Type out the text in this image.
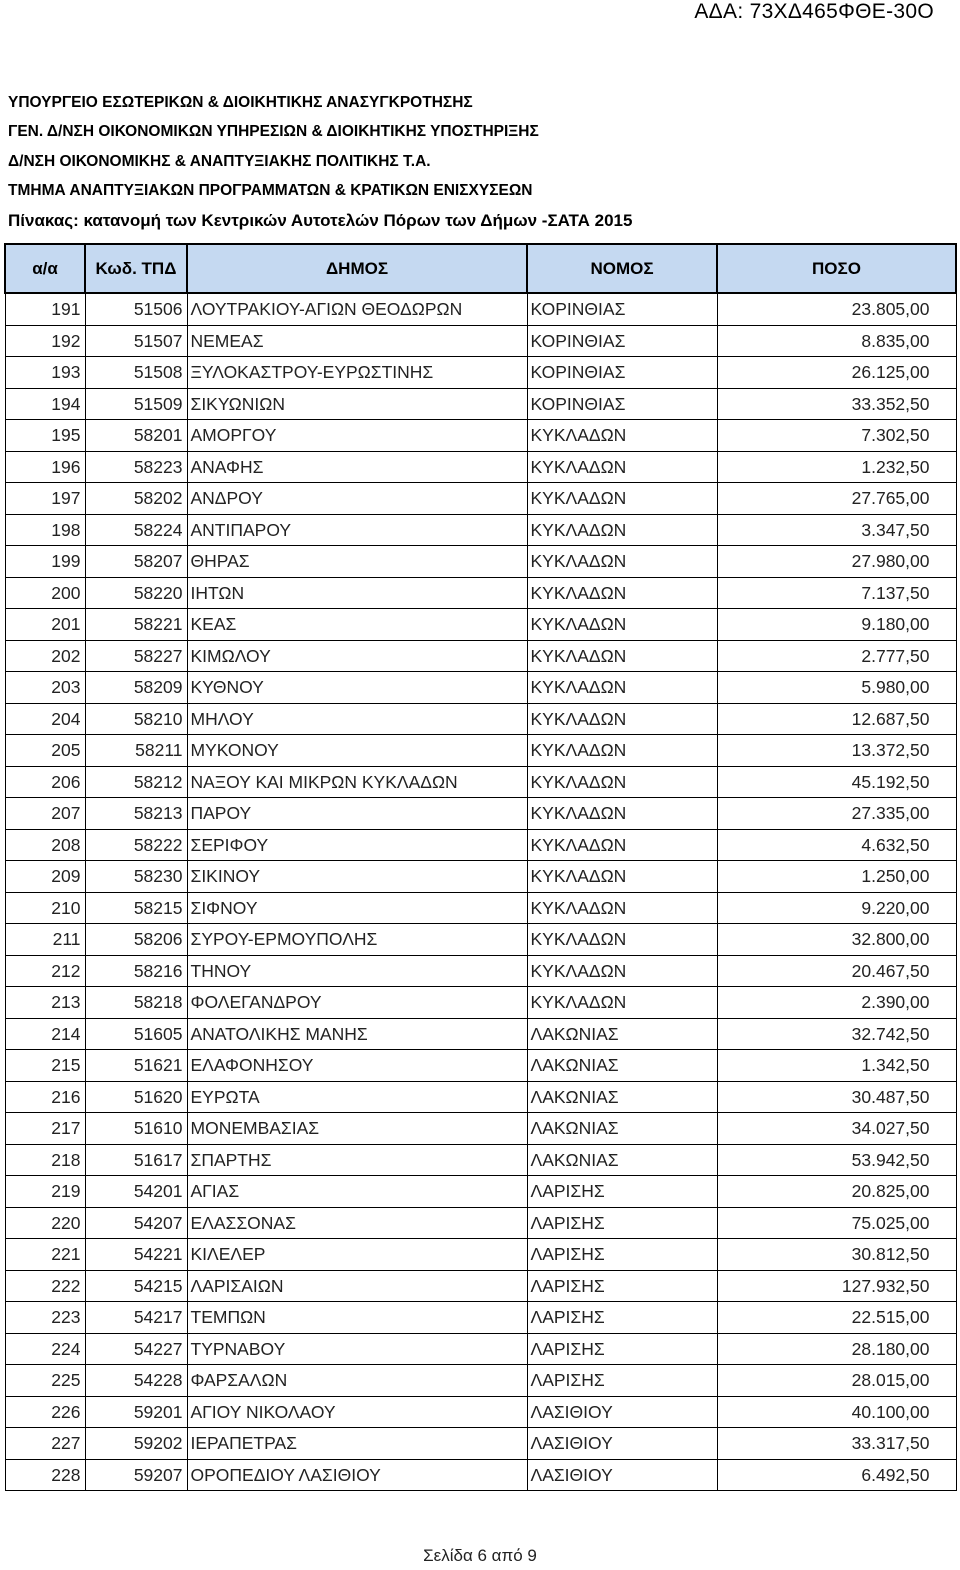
ΑΔΑ: 73ΧΔ465ΦΘΕ-30Ο
ΥΠΟΥΡΓΕΙΟ ΕΣΩΤΕΡΙΚΩΝ & ΔΙΟΙΚΗΤΙΚΗΣ ΑΝΑΣΥΓΚΡΟΤΗΣΗΣ
ΓΕΝ. Δ/ΝΣΗ ΟΙΚΟΝΟΜΙΚΩΝ ΥΠΗΡΕΣΙΩΝ & ΔΙΟΙΚΗΤΙΚΗΣ ΥΠΟΣΤΗΡΙΞΗΣ
Δ/ΝΣΗ ΟΙΚΟΝΟΜΙΚΗΣ & ΑΝΑΠΤΥΞΙΑΚΗΣ ΠΟΛΙΤΙΚΗΣ Τ.Α.
ΤΜΗΜΑ ΑΝΑΠΤΥΞΙΑΚΩΝ ΠΡΟΓΡΑΜΜΑΤΩΝ & ΚΡΑΤΙΚΩΝ ΕΝΙΣΧΥΣΕΩΝ
Πίνακας: κατανομή των Κεντρικών Αυτοτελών Πόρων των Δήμων -ΣΑΤΑ 2015
α/α	Κωδ. ΤΠΔ	ΔΗΜΟΣ	ΝΟΜΟΣ	ΠΟΣΟ
191	51506	ΛΟΥΤΡΑΚΙΟΥ-ΑΓΙΩΝ ΘΕΟΔΩΡΩΝ	ΚΟΡΙΝΘΙΑΣ	23.805,00
192	51507	ΝΕΜΕΑΣ	ΚΟΡΙΝΘΙΑΣ	8.835,00
193	51508	ΞΥΛΟΚΑΣΤΡΟΥ-ΕΥΡΩΣΤΙΝΗΣ	ΚΟΡΙΝΘΙΑΣ	26.125,00
194	51509	ΣΙΚΥΩΝΙΩΝ	ΚΟΡΙΝΘΙΑΣ	33.352,50
195	58201	ΑΜΟΡΓΟΥ	ΚΥΚΛΑΔΩΝ	7.302,50
196	58223	ΑΝΑΦΗΣ	ΚΥΚΛΑΔΩΝ	1.232,50
197	58202	ΑΝΔΡΟΥ	ΚΥΚΛΑΔΩΝ	27.765,00
198	58224	ΑΝΤΙΠΑΡΟΥ	ΚΥΚΛΑΔΩΝ	3.347,50
199	58207	ΘΗΡΑΣ	ΚΥΚΛΑΔΩΝ	27.980,00
200	58220	ΙΗΤΩΝ	ΚΥΚΛΑΔΩΝ	7.137,50
201	58221	ΚΕΑΣ	ΚΥΚΛΑΔΩΝ	9.180,00
202	58227	ΚΙΜΩΛΟΥ	ΚΥΚΛΑΔΩΝ	2.777,50
203	58209	ΚΥΘΝΟΥ	ΚΥΚΛΑΔΩΝ	5.980,00
204	58210	ΜΗΛΟΥ	ΚΥΚΛΑΔΩΝ	12.687,50
205	58211	ΜΥΚΟΝΟΥ	ΚΥΚΛΑΔΩΝ	13.372,50
206	58212	ΝΑΞΟΥ ΚΑΙ ΜΙΚΡΩΝ ΚΥΚΛΑΔΩΝ	ΚΥΚΛΑΔΩΝ	45.192,50
207	58213	ΠΑΡΟΥ	ΚΥΚΛΑΔΩΝ	27.335,00
208	58222	ΣΕΡΙΦΟΥ	ΚΥΚΛΑΔΩΝ	4.632,50
209	58230	ΣΙΚΙΝΟΥ	ΚΥΚΛΑΔΩΝ	1.250,00
210	58215	ΣΙΦΝΟΥ	ΚΥΚΛΑΔΩΝ	9.220,00
211	58206	ΣΥΡΟΥ-ΕΡΜΟΥΠΟΛΗΣ	ΚΥΚΛΑΔΩΝ	32.800,00
212	58216	ΤΗΝΟΥ	ΚΥΚΛΑΔΩΝ	20.467,50
213	58218	ΦΟΛΕΓΑΝΔΡΟΥ	ΚΥΚΛΑΔΩΝ	2.390,00
214	51605	ΑΝΑΤΟΛΙΚΗΣ ΜΑΝΗΣ	ΛΑΚΩΝΙΑΣ	32.742,50
215	51621	ΕΛΑΦΟΝΗΣΟΥ	ΛΑΚΩΝΙΑΣ	1.342,50
216	51620	ΕΥΡΩΤΑ	ΛΑΚΩΝΙΑΣ	30.487,50
217	51610	ΜΟΝΕΜΒΑΣΙΑΣ	ΛΑΚΩΝΙΑΣ	34.027,50
218	51617	ΣΠΑΡΤΗΣ	ΛΑΚΩΝΙΑΣ	53.942,50
219	54201	ΑΓΙΑΣ	ΛΑΡΙΣΗΣ	20.825,00
220	54207	ΕΛΑΣΣΟΝΑΣ	ΛΑΡΙΣΗΣ	75.025,00
221	54221	ΚΙΛΕΛΕΡ	ΛΑΡΙΣΗΣ	30.812,50
222	54215	ΛΑΡΙΣΑΙΩΝ	ΛΑΡΙΣΗΣ	127.932,50
223	54217	ΤΕΜΠΩΝ	ΛΑΡΙΣΗΣ	22.515,00
224	54227	ΤΥΡΝΑΒΟΥ	ΛΑΡΙΣΗΣ	28.180,00
225	54228	ΦΑΡΣΑΛΩΝ	ΛΑΡΙΣΗΣ	28.015,00
226	59201	ΑΓΙΟΥ ΝΙΚΟΛΑΟΥ	ΛΑΣΙΘΙΟΥ	40.100,00
227	59202	ΙΕΡΑΠΕΤΡΑΣ	ΛΑΣΙΘΙΟΥ	33.317,50
228	59207	ΟΡΟΠΕΔΙΟΥ ΛΑΣΙΘΙΟΥ	ΛΑΣΙΘΙΟΥ	6.492,50
Σελίδα 6 από 9
